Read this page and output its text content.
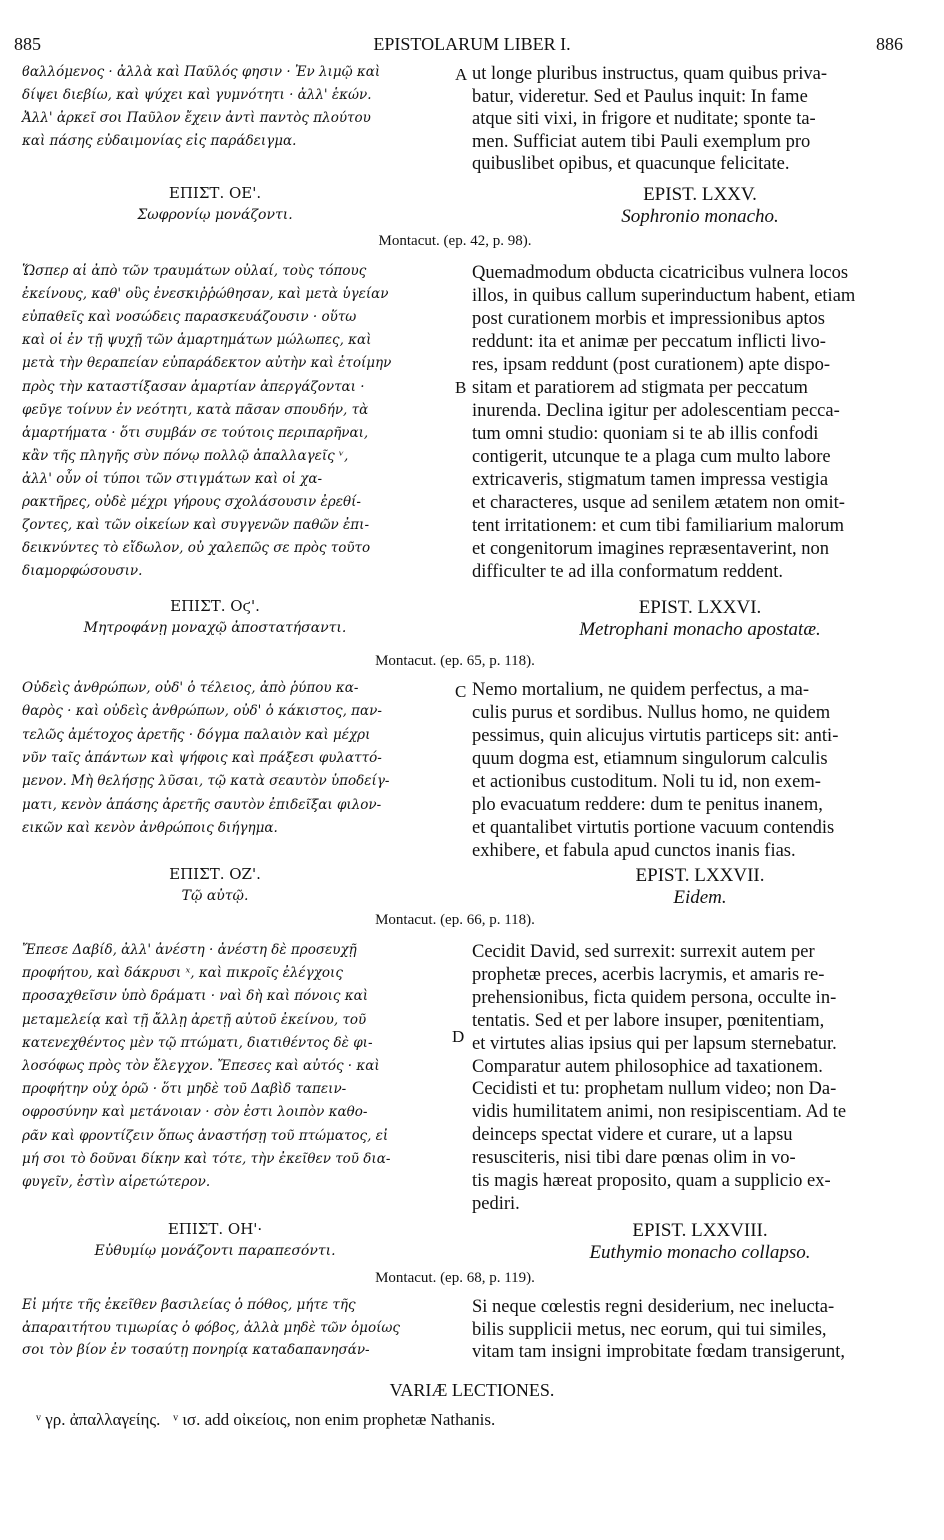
885	EPISTOLARUM LIBER I.	886
ϐαλλόμενος · ἀλλὰ καὶ Παῦλός φησιν · Ἐν λιμῷ καὶ
δίψει διεβίω, καὶ ψύχει καὶ γυμνότητι · ἀλλ' ἑκών.
Ἀλλ' ἀρκεῖ σοι Παῦλον ἔχειν ἀντὶ παντὸς πλούτου
καὶ πάσης εὐδαιμονίας εἰς παράδειγμα.
ut longe pluribus instructus, quam quibus priva-
batur, videretur. Sed et Paulus inquit: In fame
atque siti vixi, in frigore et nuditate; sponte ta-
men. Sufficiat autem tibi Pauli exemplum pro
quibuslibet opibus, et quacunque felicitate.
ΕΠΙΣΤ. ΟΕ'.
Σωφρονίῳ μονάζοντι.
EPIST. LXXV.
Sophronio monacho.
Montacut. (ep. 42, p. 98).
Ὥσπερ αἱ ἀπὸ τῶν τραυμάτων οὐλαί, τοὺς τόπους
ἐκείνους, καθ' οὓς ἐνεσκιῤῥώθησαν, καὶ μετὰ ὑγείαν
εὐπαθεῖς καὶ νοσώδεις παρασκευάζουσιν · οὕτω
καὶ οἱ ἐν τῇ ψυχῇ τῶν ἁμαρτημάτων μώλωπες, καὶ
μετὰ τὴν θεραπείαν εὐπαράδεκτον αὐτὴν καὶ ἑτοίμην
πρὸς τὴν καταστίξασαν ἁμαρτίαν ἀπεργάζονται ·
φεῦγε τοίνυν ἐν νεότητι, κατὰ πᾶσαν σπουδήν, τὰ
ἁμαρτήματα · ὅτι συμβάν σε τούτοις περιπαρῆναι,
κἂν τῆς πληγῆς σὺν πόνῳ πολλῷ ἀπαλλαγεῖς ᵛ,
ἀλλ' οὖν οἱ τύποι τῶν στιγμάτων καὶ οἱ χα-
ρακτῆρες, οὐδὲ μέχρι γήρους σχολάσουσιν ἐρεθί-
ζοντες, καὶ τῶν οἰκείων καὶ συγγενῶν παθῶν ἐπι-
δεικνύντες τὸ εἴδωλον, οὐ χαλεπῶς σε πρὸς τοῦτο
διαμορφώσουσιν.
Quemadmodum obducta cicatricibus vulnera locos
illos, in quibus callum superinductum habent, etiam
post curationem morbis et impressionibus aptos
reddunt: ita et animæ per peccatum inflicti livo-
res, ipsam reddunt (post curationem) apte dispo-
sitam et paratiorem ad stigmata per peccatum
inurenda. Declina igitur per adolescentiam pecca-
tum omni studio: quoniam si te ab illis confodi
contigerit, utcunque te a plaga cum multo labore
extricaveris, stigmatum tamen impressa vestigia
et characteres, usque ad senilem ætatem non omit-
tent irritationem: et cum tibi familiarium malorum
et congenitorum imagines repræsentaverint, non
difficulter te ad illa conformatum reddent.
ΕΠΙΣΤ. Oϛ'.
Μητροφάνῃ μοναχῷ ἀποστατήσαντι.
EPIST. LXXVI.
Metrophani monacho apostatæ.
Montacut. (ep. 65, p. 118).
Οὐδεὶς ἀνθρώπων, οὐδ' ὁ τέλειος, ἀπὸ ῥύπου κα-
θαρὸς · καὶ οὐδεὶς ἀνθρώπων, οὐδ' ὁ κάκιστος, παν-
τελῶς ἀμέτοχος ἀρετῆς · δόγμα παλαιὸν καὶ μέχρι
νῦν ταῖς ἁπάντων καὶ ψήφοις καὶ πράξεσι φυλαττό-
μενον. Μὴ θελήσῃς λῦσαι, τῷ κατὰ σεαυτὸν ὑποδείγ-
ματι, κενὸν ἁπάσης ἀρετῆς σαυτὸν ἐπιδεῖξαι φιλον-
εικῶν καὶ κενὸν ἀνθρώποις διήγημα.
Nemo mortalium, ne quidem perfectus, a ma-
culis purus et sordibus. Nullus homo, ne quidem
pessimus, quin alicujus virtutis particeps sit: anti-
quum dogma est, etiamnum singulorum calculis
et actionibus custoditum. Noli tu id, non exem-
plo evacuatum reddere: dum te penitus inanem,
et quantalibet virtutis portione vacuum contendis
exhibere, et fabula apud cunctos inanis fias.
ΕΠΙΣΤ. ΟΖ'.
Τῷ αὐτῷ.
EPIST. LXXVII.
Eidem.
Montacut. (ep. 66, p. 118).
Ἔπεσε Δαβίδ, ἀλλ' ἀνέστη · ἀνέστη δὲ προσευχῇ
προφήτου, καὶ δάκρυσι ˣ, καὶ πικροῖς ἐλέγχοις
προσαχθεῖσιν ὑπὸ δράματι · ναὶ δὴ καὶ πόνοις καὶ
μεταμελείᾳ καὶ τῇ ἄλλῃ ἀρετῇ αὐτοῦ ἐκείνου, τοῦ
κατενεχθέντος μὲν τῷ πτώματι, διατιθέντος δὲ φι-
λοσόφως πρὸς τὸν ἔλεγχον. Ἔπεσες καὶ αὐτός · καὶ
προφήτην οὐχ ὁρῶ · ὅτι μηδὲ τοῦ Δαβὶδ ταπειν-
οφροσύνην καὶ μετάνοιαν · σὸν ἐστι λοιπὸν καθο-
ρᾶν καὶ φροντίζειν ὅπως ἀναστήσῃ τοῦ πτώματος, εἰ
μή σοι τὸ δοῦναι δίκην καὶ τότε, τὴν ἐκεῖθεν τοῦ δια-
φυγεῖν, ἐστὶν αἱρετώτερον.
Cecidit David, sed surrexit: surrexit autem per
prophetæ preces, acerbis lacrymis, et amaris re-
prehensionibus, ficta quidem persona, occulte in-
tentatis. Sed et per labore insuper, pœnitentiam,
et virtutes alias ipsius qui per lapsum sternebatur.
Comparatur autem philosophice ad taxationem.
Cecidisti et tu: prophetam nullum video; non Da-
vidis humilitatem animi, non resipiscentiam. Ad te
deinceps spectat videre et curare, ut a lapsu
resusciteris, nisi tibi dare pœnas olim in vo-
tis magis hæreat proposito, quam a supplicio ex-
pediri.
ΕΠΙΣΤ. ΟΗ'·
Εὐθυμίῳ μονάζοντι παραπεσόντι.
EPIST. LXXVIII.
Euthymio monacho collapso.
Montacut. (ep. 68, p. 119).
Εἰ μήτε τῆς ἐκεῖθεν βασιλείας ὁ πόθος, μήτε τῆς
ἀπαραιτήτου τιμωρίας ὁ φόβος, ἀλλὰ μηδὲ τῶν ὁμοίως
σοι τὸν βίον ἐν τοσαύτῃ πονηρίᾳ καταδαπανησάν-
Si neque cœlestis regni desiderium, nec ineluctа-
bilis supplicii metus, nec eorum, qui tui similes,
vitam tam insigni improbitate fœdam transigerunt,
A
B
C
D
VARIÆ LECTIONES.
ᵛ γρ. ἀπαλλαγείης.   ᵛ ισ. add οἰκείοις, non enim prophetæ Nathanis.
